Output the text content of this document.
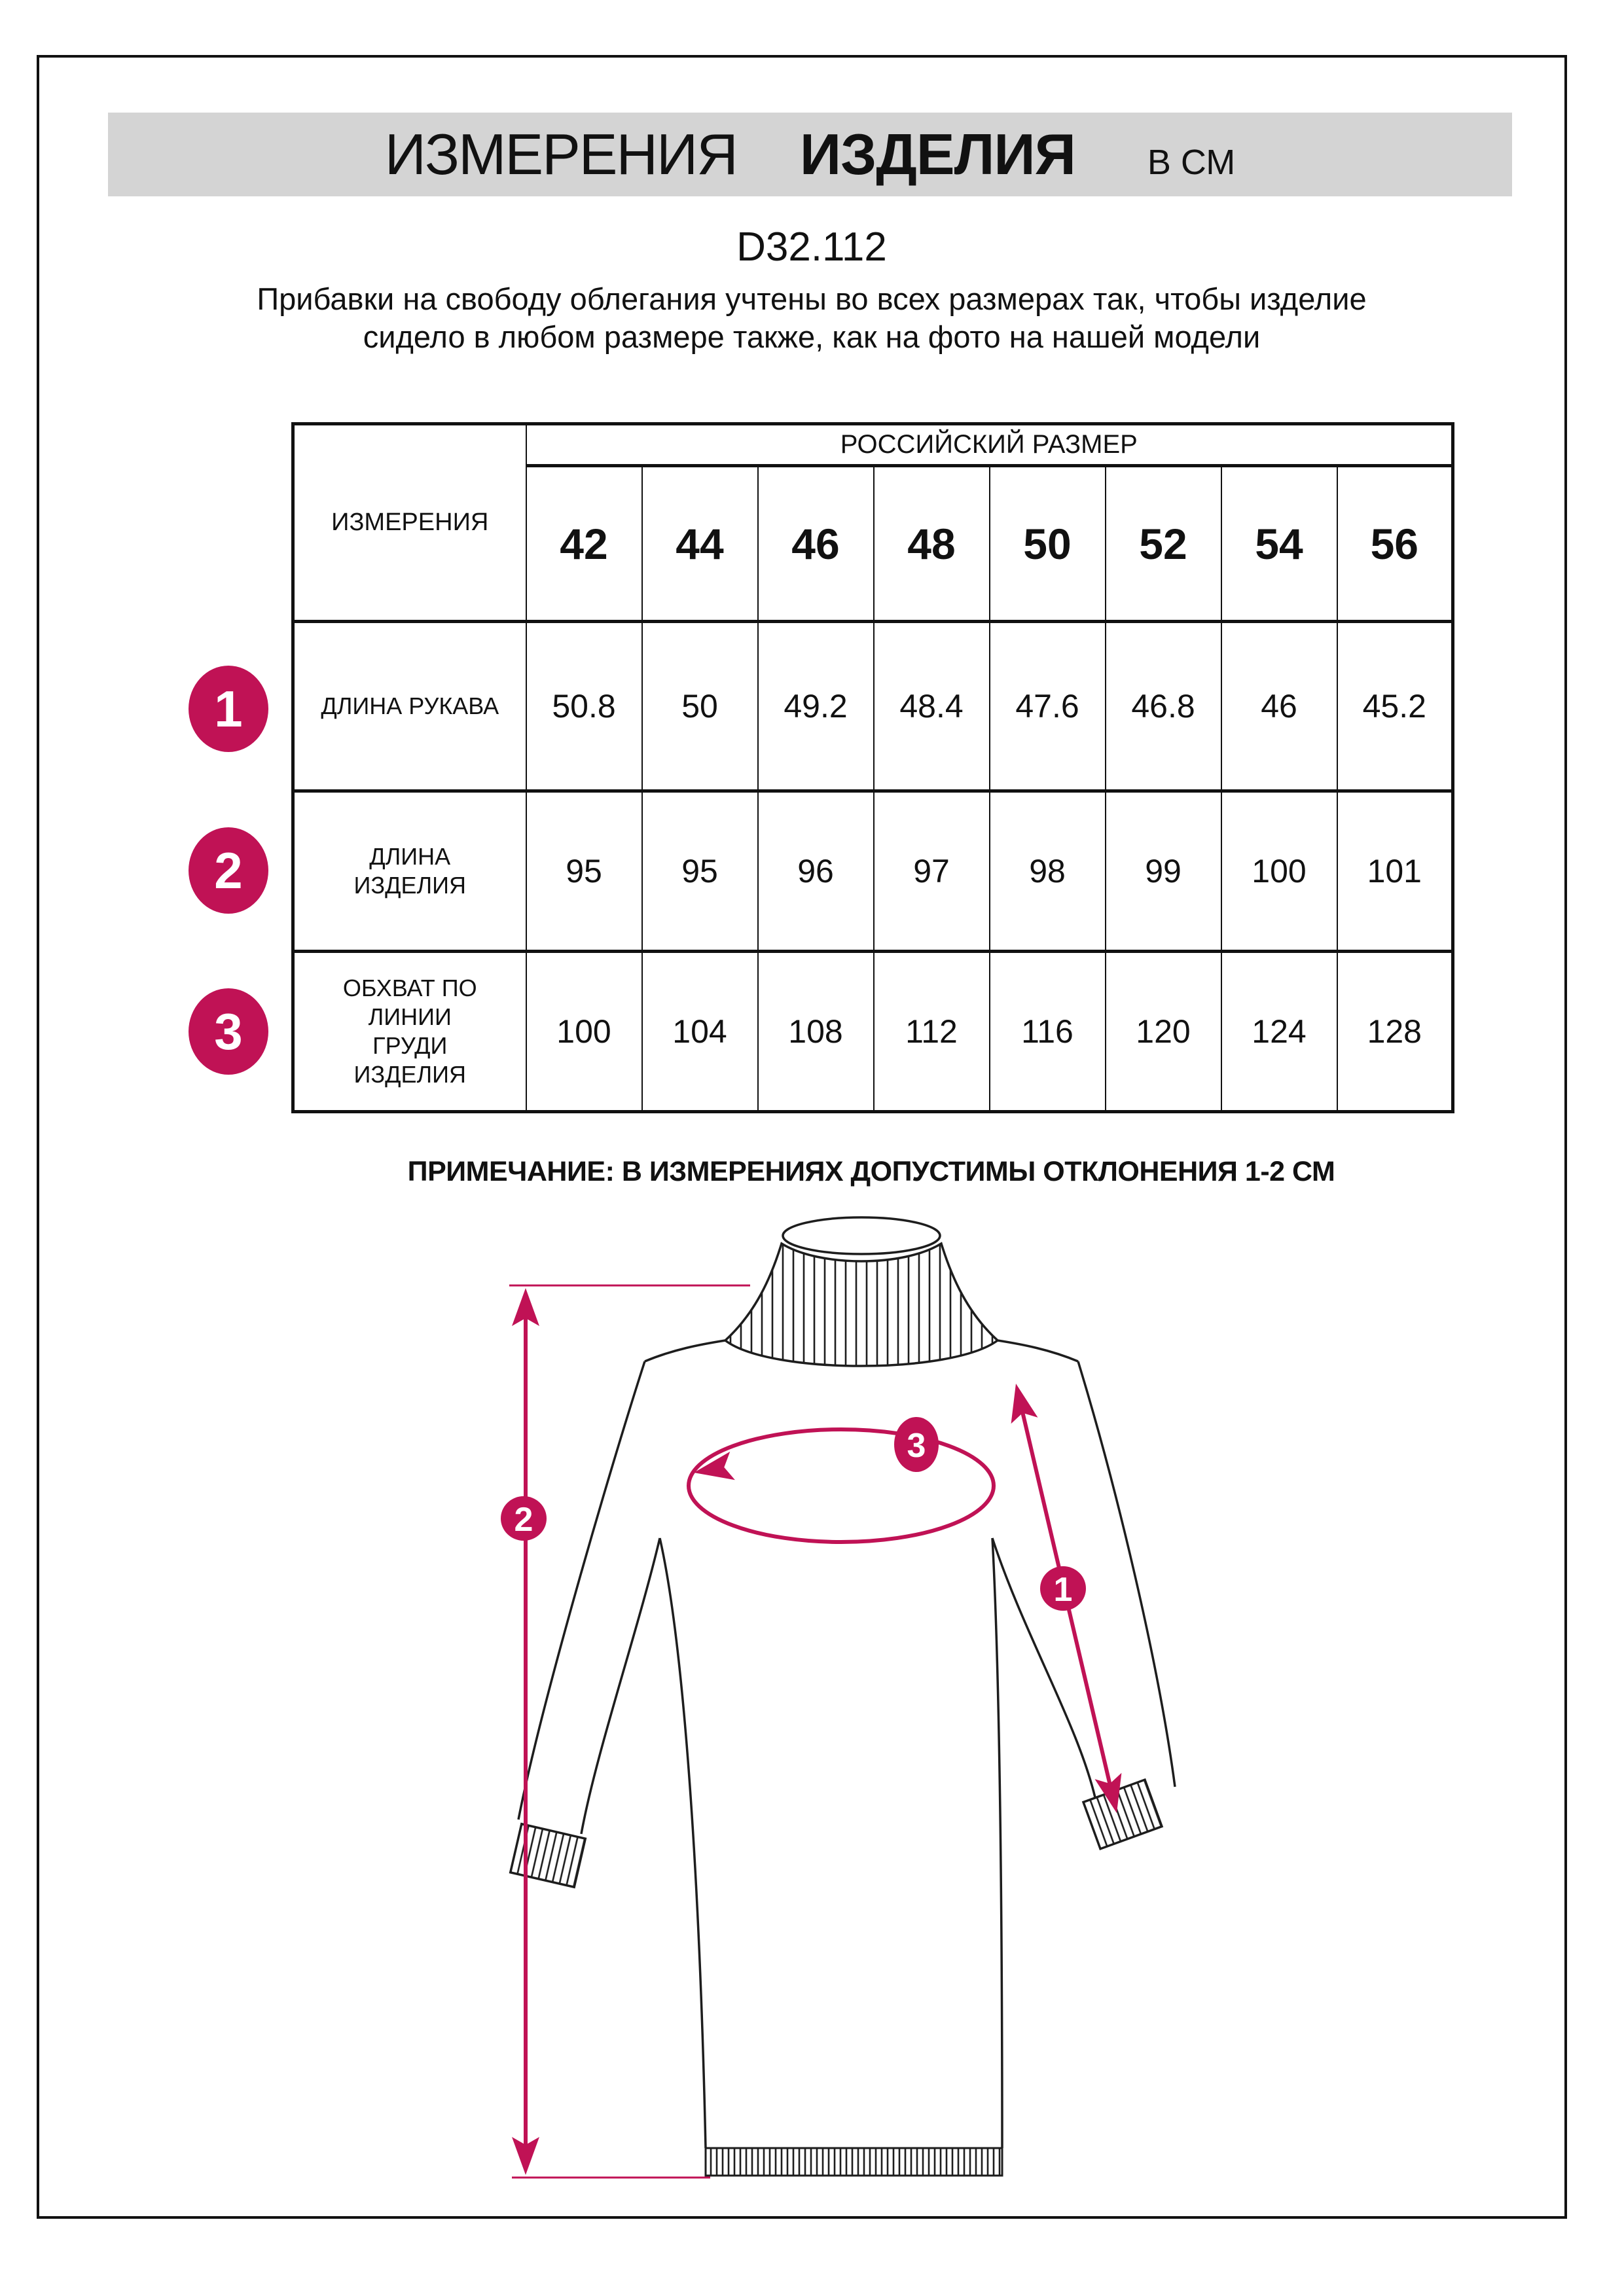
ИЗМЕРЕНИЯ ИЗДЕЛИЯ В СМ
D32.112
Прибавки на свободу облегания учтены во всех размерах так, чтобы изделие сидело в любом размере также, как на фото на нашей модели
ИЗМЕРЕНИЯ	РОССИЙСКИЙ РАЗМЕР							
	42	44	46	48	50	52	54	56
ДЛИНА РУКАВА	50.8	50	49.2	48.4	47.6	46.8	46	45.2
ДЛИНА ИЗДЕЛИЯ	95	95	96	97	98	99	100	101
ОБХВАТ ПО ЛИНИИ ГРУДИ ИЗДЕЛИЯ	100	104	108	112	116	120	124	128
1
2
3
ПРИМЕЧАНИЕ: В ИЗМЕРЕНИЯХ ДОПУСТИМЫ ОТКЛОНЕНИЯ 1-2 СМ
2
3
1
